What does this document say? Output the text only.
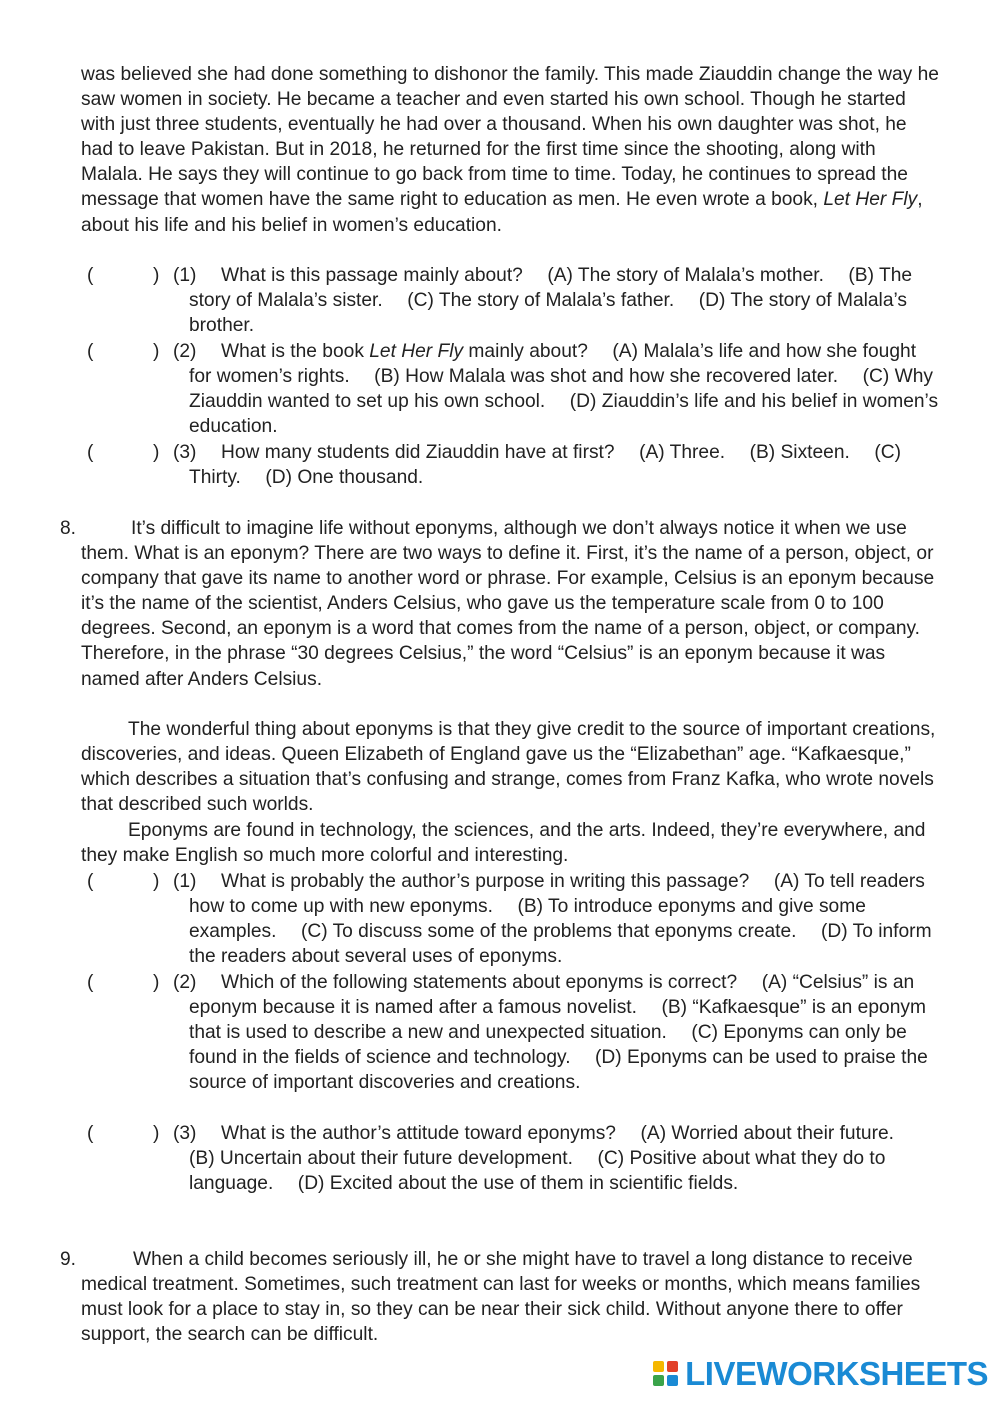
was believed she had done something to dishonor the family. This made Ziauddin change the way he saw women in society. He became a teacher and even started his own school. Though he started with just three students, eventually he had over a thousand. When his own daughter was shot, he had to leave Pakistan. But in 2018, he returned for the first time since the shooting, along with Malala. He says they will continue to go back from time to time. Today, he continues to spread the message that women have the same right to education as men. He even wrote a book, Let Her Fly, about his life and his belief in women’s education.

(	) (1)	What is this passage mainly about?  (A) The story of Malala’s mother.  (B) The story of Malala’s sister.  (C) The story of Malala’s father.  (D) The story of Malala’s brother.
(	) (2)	What is the book Let Her Fly mainly about?  (A) Malala’s life and how she fought for women’s rights.  (B) How Malala was shot and how she recovered later.  (C) Why Ziauddin wanted to set up his own school.  (D) Ziauddin’s life and his belief in women’s education.
(	) (3)	How many students did Ziauddin have at first?  (A) Three.  (B) Sixteen.  (C) Thirty.  (D) One thousand.
8.	It’s difficult to imagine life without eponyms, although we don’t always notice it when we use them. What is an eponym? There are two ways to define it. First, it’s the name of a person, object, or company that gave its name to another word or phrase. For example, Celsius is an eponym because it’s the name of the scientist, Anders Celsius, who gave us the temperature scale from 0 to 100 degrees. Second, an eponym is a word that comes from the name of a person, object, or company. Therefore, in the phrase “30 degrees Celsius,” the word “Celsius” is an eponym because it was named after Anders Celsius.

The wonderful thing about eponyms is that they give credit to the source of important creations, discoveries, and ideas. Queen Elizabeth of England gave us the “Elizabethan” age. “Kafkaesque,” which describes a situation that’s confusing and strange, comes from Franz Kafka, who wrote novels that described such worlds.

Eponyms are found in technology, the sciences, and the arts. Indeed, they’re everywhere, and they make English so much more colorful and interesting.

(	) (1)	What is probably the author’s purpose in writing this passage?  (A) To tell readers how to come up with new eponyms.  (B) To introduce eponyms and give some examples.  (C) To discuss some of the problems that eponyms create.  (D) To inform the readers about several uses of eponyms.
(	) (2)	Which of the following statements about eponyms is correct?  (A) “Celsius” is an eponym because it is named after a famous novelist.  (B) “Kafkaesque” is an eponym that is used to describe a new and unexpected situation.  (C) Eponyms can only be found in the fields of science and technology.  (D) Eponyms can be used to praise the source of important discoveries and creations.
(	) (3)	What is the author’s attitude toward eponyms?  (A) Worried about their future.  (B) Uncertain about their future development.  (C) Positive about what they do to language.  (D) Excited about the use of them in scientific fields.
9.	When a child becomes seriously ill, he or she might have to travel a long distance to receive medical treatment. Sometimes, such treatment can last for weeks or months, which means families must look for a place to stay in, so they can be near their sick child. Without anyone there to offer support, the search can be difficult.

LIVEWORKSHEETS
